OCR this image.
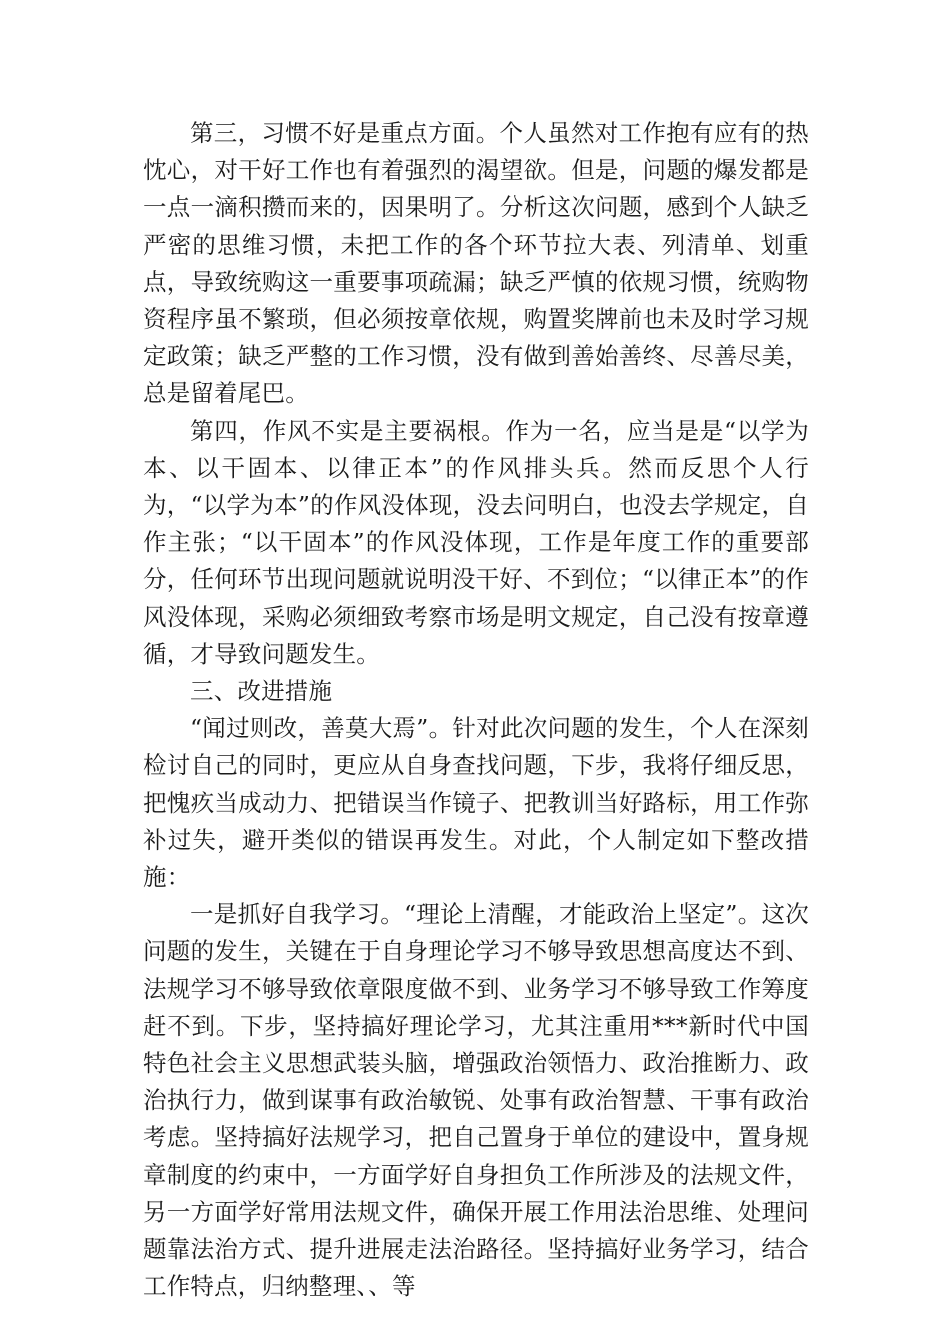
第三，习惯不好是重点方面。个人虽然对工作抱有应有的热忱心，对干好工作也有着强烈的渴望欲。但是，问题的爆发都是一点一滴积攒而来的，因果明了。分析这次问题，感到个人缺乏严密的思维习惯，未把工作的各个环节拉大表、列清单、划重点，导致统购这一重要事项疏漏；缺乏严慎的依规习惯，统购物资程序虽不繁琐，但必须按章依规，购置奖牌前也未及时学习规定政策；缺乏严整的工作习惯，没有做到善始善终、尽善尽美，总是留着尾巴。

第四，作风不实是主要祸根。作为一名，应当是是“以学为本、以干固本、以律正本”的作风排头兵。然而反思个人行为，“以学为本”的作风没体现，没去问明白，也没去学规定，自作主张；“以干固本”的作风没体现，工作是年度工作的重要部分，任何环节出现问题就说明没干好、不到位；“以律正本”的作风没体现，采购必须细致考察市场是明文规定，自己没有按章遵循，才导致问题发生。

三、改进措施

“闻过则改，善莫大焉”。针对此次问题的发生，个人在深刻检讨自己的同时，更应从自身查找问题，下步，我将仔细反思，把愧疚当成动力、把错误当作镜子、把教训当好路标，用工作弥补过失，避开类似的错误再发生。对此，个人制定如下整改措施：

一是抓好自我学习。“理论上清醒，才能政治上坚定”。这次问题的发生，关键在于自身理论学习不够导致思想高度达不到、法规学习不够导致依章限度做不到、业务学习不够导致工作筹度赶不到。下步，坚持搞好理论学习，尤其注重用***新时代中国特色社会主义思想武装头脑，增强政治领悟力、政治推断力、政治执行力，做到谋事有政治敏锐、处事有政治智慧、干事有政治考虑。坚持搞好法规学习，把自己置身于单位的建设中，置身规章制度的约束中，一方面学好自身担负工作所涉及的法规文件，另一方面学好常用法规文件，确保开展工作用法治思维、处理问题靠法治方式、提升进展走法治路径。坚持搞好业务学习，结合工作特点，归纳整理、、等
